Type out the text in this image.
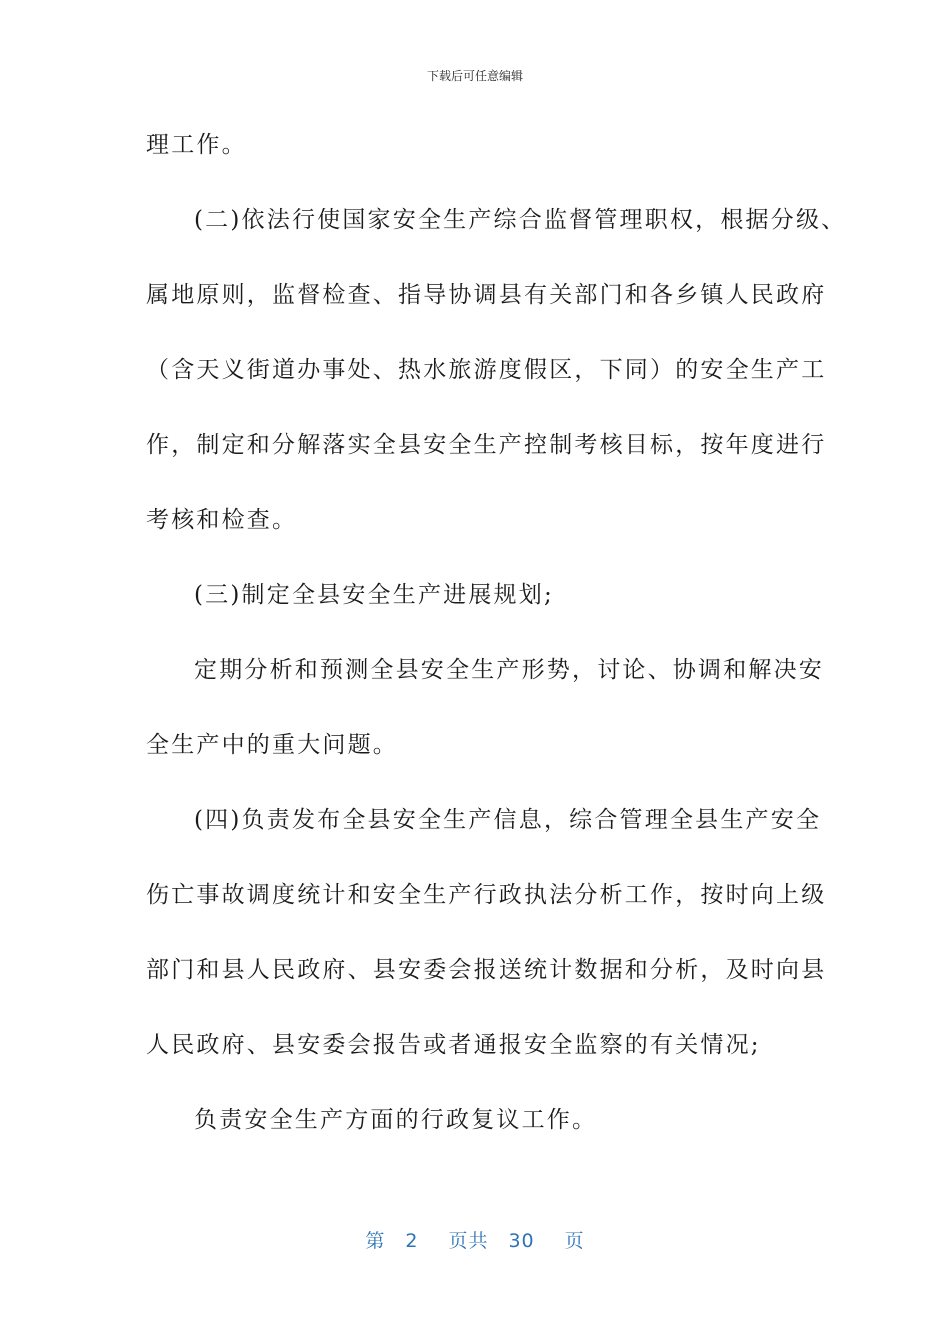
下载后可任意编辑
理工作。
(二)依法行使国家安全生产综合监督管理职权，根据分级、
属地原则，监督检查、指导协调县有关部门和各乡镇人民政府
（含天义街道办事处、热水旅游度假区，下同）的安全生产工
作，制定和分解落实全县安全生产控制考核目标，按年度进行
考核和检查。
(三)制定全县安全生产进展规划;
定期分析和预测全县安全生产形势，讨论、协调和解决安
全生产中的重大问题。
(四)负责发布全县安全生产信息，综合管理全县生产安全
伤亡事故调度统计和安全生产行政执法分析工作，按时向上级
部门和县人民政府、县安委会报送统计数据和分析，及时向县
人民政府、县安委会报告或者通报安全监察的有关情况;
负责安全生产方面的行政复议工作。
第 2 页共 30 页
